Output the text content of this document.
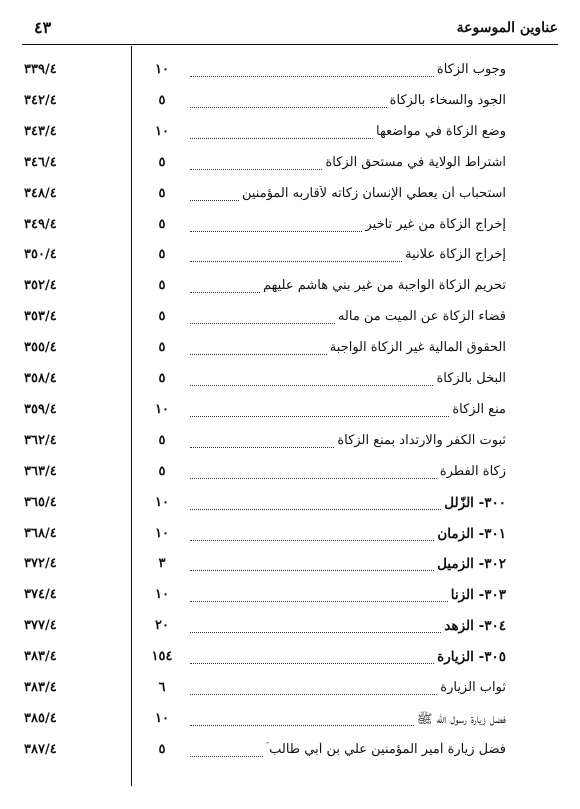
عناوين الموسوعة
٤٣
وجوب الزكاة
١٠
٣٣٩/٤
الجود والسخاء بالزكاة
٥
٣٤٢/٤
وضع الزكاة في مواضعها
١٠
٣٤٣/٤
اشتراط الولاية في مستحق الزكاة
٥
٣٤٦/٤
استحباب أن يعطي الإنسان زكاته لأقاربه المؤمنين
٥
٣٤٨/٤
إخراج الزكاة من غير تأخير
٥
٣٤٩/٤
إخراج الزكاة علانية
٥
٣٥٠/٤
تحريم الزكاة الواجبة من غير بني هاشم عليهم
٥
٣٥٢/٤
قضاء الزكاة عن الميت من ماله
٥
٣٥٣/٤
الحقوق المالية غير الزكاة الواجبة
٥
٣٥٥/٤
البخل بالزكاة
٥
٣٥٨/٤
منع الزكاة
١٠
٣٥٩/٤
ثبوت الكفر والارتداد بمنع الزكاة
٥
٣٦٢/٤
زكاة الفطرة
٥
٣٦٣/٤
٣٠٠- الزّلل
١٠
٣٦٥/٤
٣٠١- الزمان
١٠
٣٦٨/٤
٣٠٢- الزميل
٣
٣٧٢/٤
٣٠٣- الزنا
١٠
٣٧٤/٤
٣٠٤- الزهد
٢٠
٣٧٧/٤
٣٠٥- الزيارة
١٥٤
٣٨٣/٤
ثواب الزيارة
٦
٣٨٣/٤
فضل زيارة رسول الله ﷺ
١٠
٣٨٥/٤
فضل زيارة أمير المؤمنين علي بن أبي طالب ؑ
٥
٣٨٧/٤
